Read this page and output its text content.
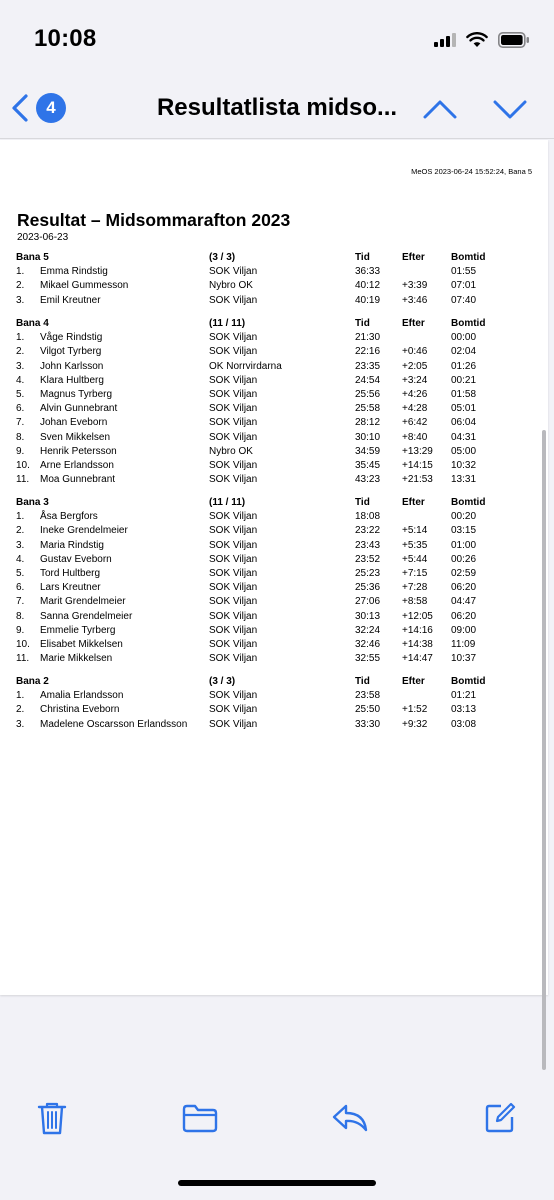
10:08
4	Resultatlista midso...
MeOS 2023-06-24 15:52:24, Bana 5
Resultat – Midsommarafton 2023
2023-06-23
Bana 5	(3 / 3)	Tid	Efter	Bomtid
1. Emma Rindstig	SOK Viljan	36:33	01:55
2. Mikael Gummesson	Nybro OK	40:12 +3:39 07:01
3. Emil Kreutner	SOK Viljan	40:19 +3:46 07:40
Bana 4	(11 / 11)	Tid	Efter	Bomtid
1. Våge Rindstig	SOK Viljan	21:30	00:00
2. Vilgot Tyrberg	SOK Viljan	22:16 +0:46 02:04
3. John Karlsson	OK Norrvirdarna	23:35 +2:05 01:26
4. Klara Hultberg	SOK Viljan	24:54 +3:24 00:21
5. Magnus Tyrberg	SOK Viljan	25:56 +4:26 01:58
6. Alvin Gunnebrant	SOK Viljan	25:58 +4:28 05:01
7. Johan Eveborn	SOK Viljan	28:12 +6:42 06:04
8. Sven Mikkelsen	SOK Viljan	30:10 +8:40 04:31
9. Henrik Petersson	Nybro OK	34:59 +13:29 05:00
10. Arne Erlandsson	SOK Viljan	35:45 +14:15 10:32
11. Moa Gunnebrant	SOK Viljan	43:23 +21:53 13:31
Bana 3	(11 / 11)	Tid	Efter	Bomtid
1. Åsa Bergfors	SOK Viljan	18:08	00:20
2. Ineke Grendelmeier	SOK Viljan	23:22 +5:14 03:15
3. Maria Rindstig	SOK Viljan	23:43 +5:35 01:00
4. Gustav Eveborn	SOK Viljan	23:52 +5:44 00:26
5. Tord Hultberg	SOK Viljan	25:23 +7:15 02:59
6. Lars Kreutner	SOK Viljan	25:36 +7:28 06:20
7. Marit Grendelmeier	SOK Viljan	27:06 +8:58 04:47
8. Sanna Grendelmeier	SOK Viljan	30:13 +12:05 06:20
9. Emmelie Tyrberg	SOK Viljan	32:24 +14:16 09:00
10. Elisabet Mikkelsen	SOK Viljan	32:46 +14:38 11:09
11. Marie Mikkelsen	SOK Viljan	32:55 +14:47 10:37
Bana 2	(3 / 3)	Tid	Efter	Bomtid
1. Amalia Erlandsson	SOK Viljan	23:58	01:21
2. Christina Eveborn	SOK Viljan	25:50 +1:52 03:13
3. Madelene Oscarsson Erlandsson SOK Viljan	33:30 +9:32 03:08
